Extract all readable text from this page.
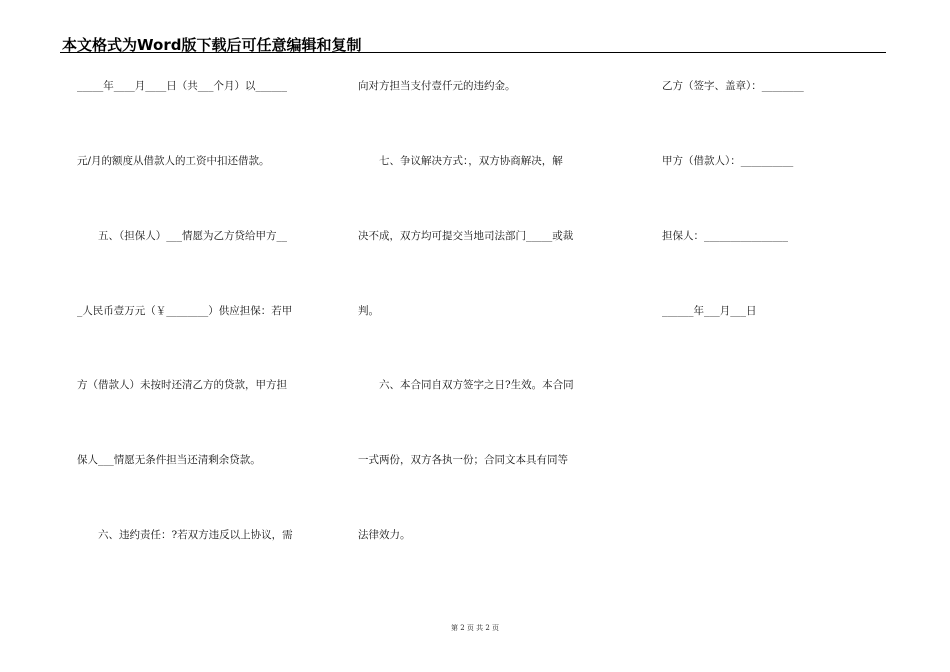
本文格式为Word版下载后可任意编辑和复制
_____年____月____日（共___个月）以______
元/月的额度从借款人的工资中扣还借款。
　　五、（担保人）___情愿为乙方贷给甲方__
_人民币壹万元（￥________）供应担保：若甲
方（借款人）未按时还清乙方的贷款，甲方担
保人___情愿无条件担当还清剩余贷款。
　　六、违约责任：?若双方违反以上协议，需
向对方担当支付壹仟元的违约金。
　　七、争议解决方式：，双方协商解决，解
决不成，双方均可提交当地司法部门_____或裁
判。
　　六、本合同自双方签字之日?生效。本合同
一式两份，双方各执一份；合同文本具有同等
法律效力。
乙方（签字、盖章）：________
甲方（借款人）：__________
担保人：________________
______年___月___日
第 2 页 共 2 页
